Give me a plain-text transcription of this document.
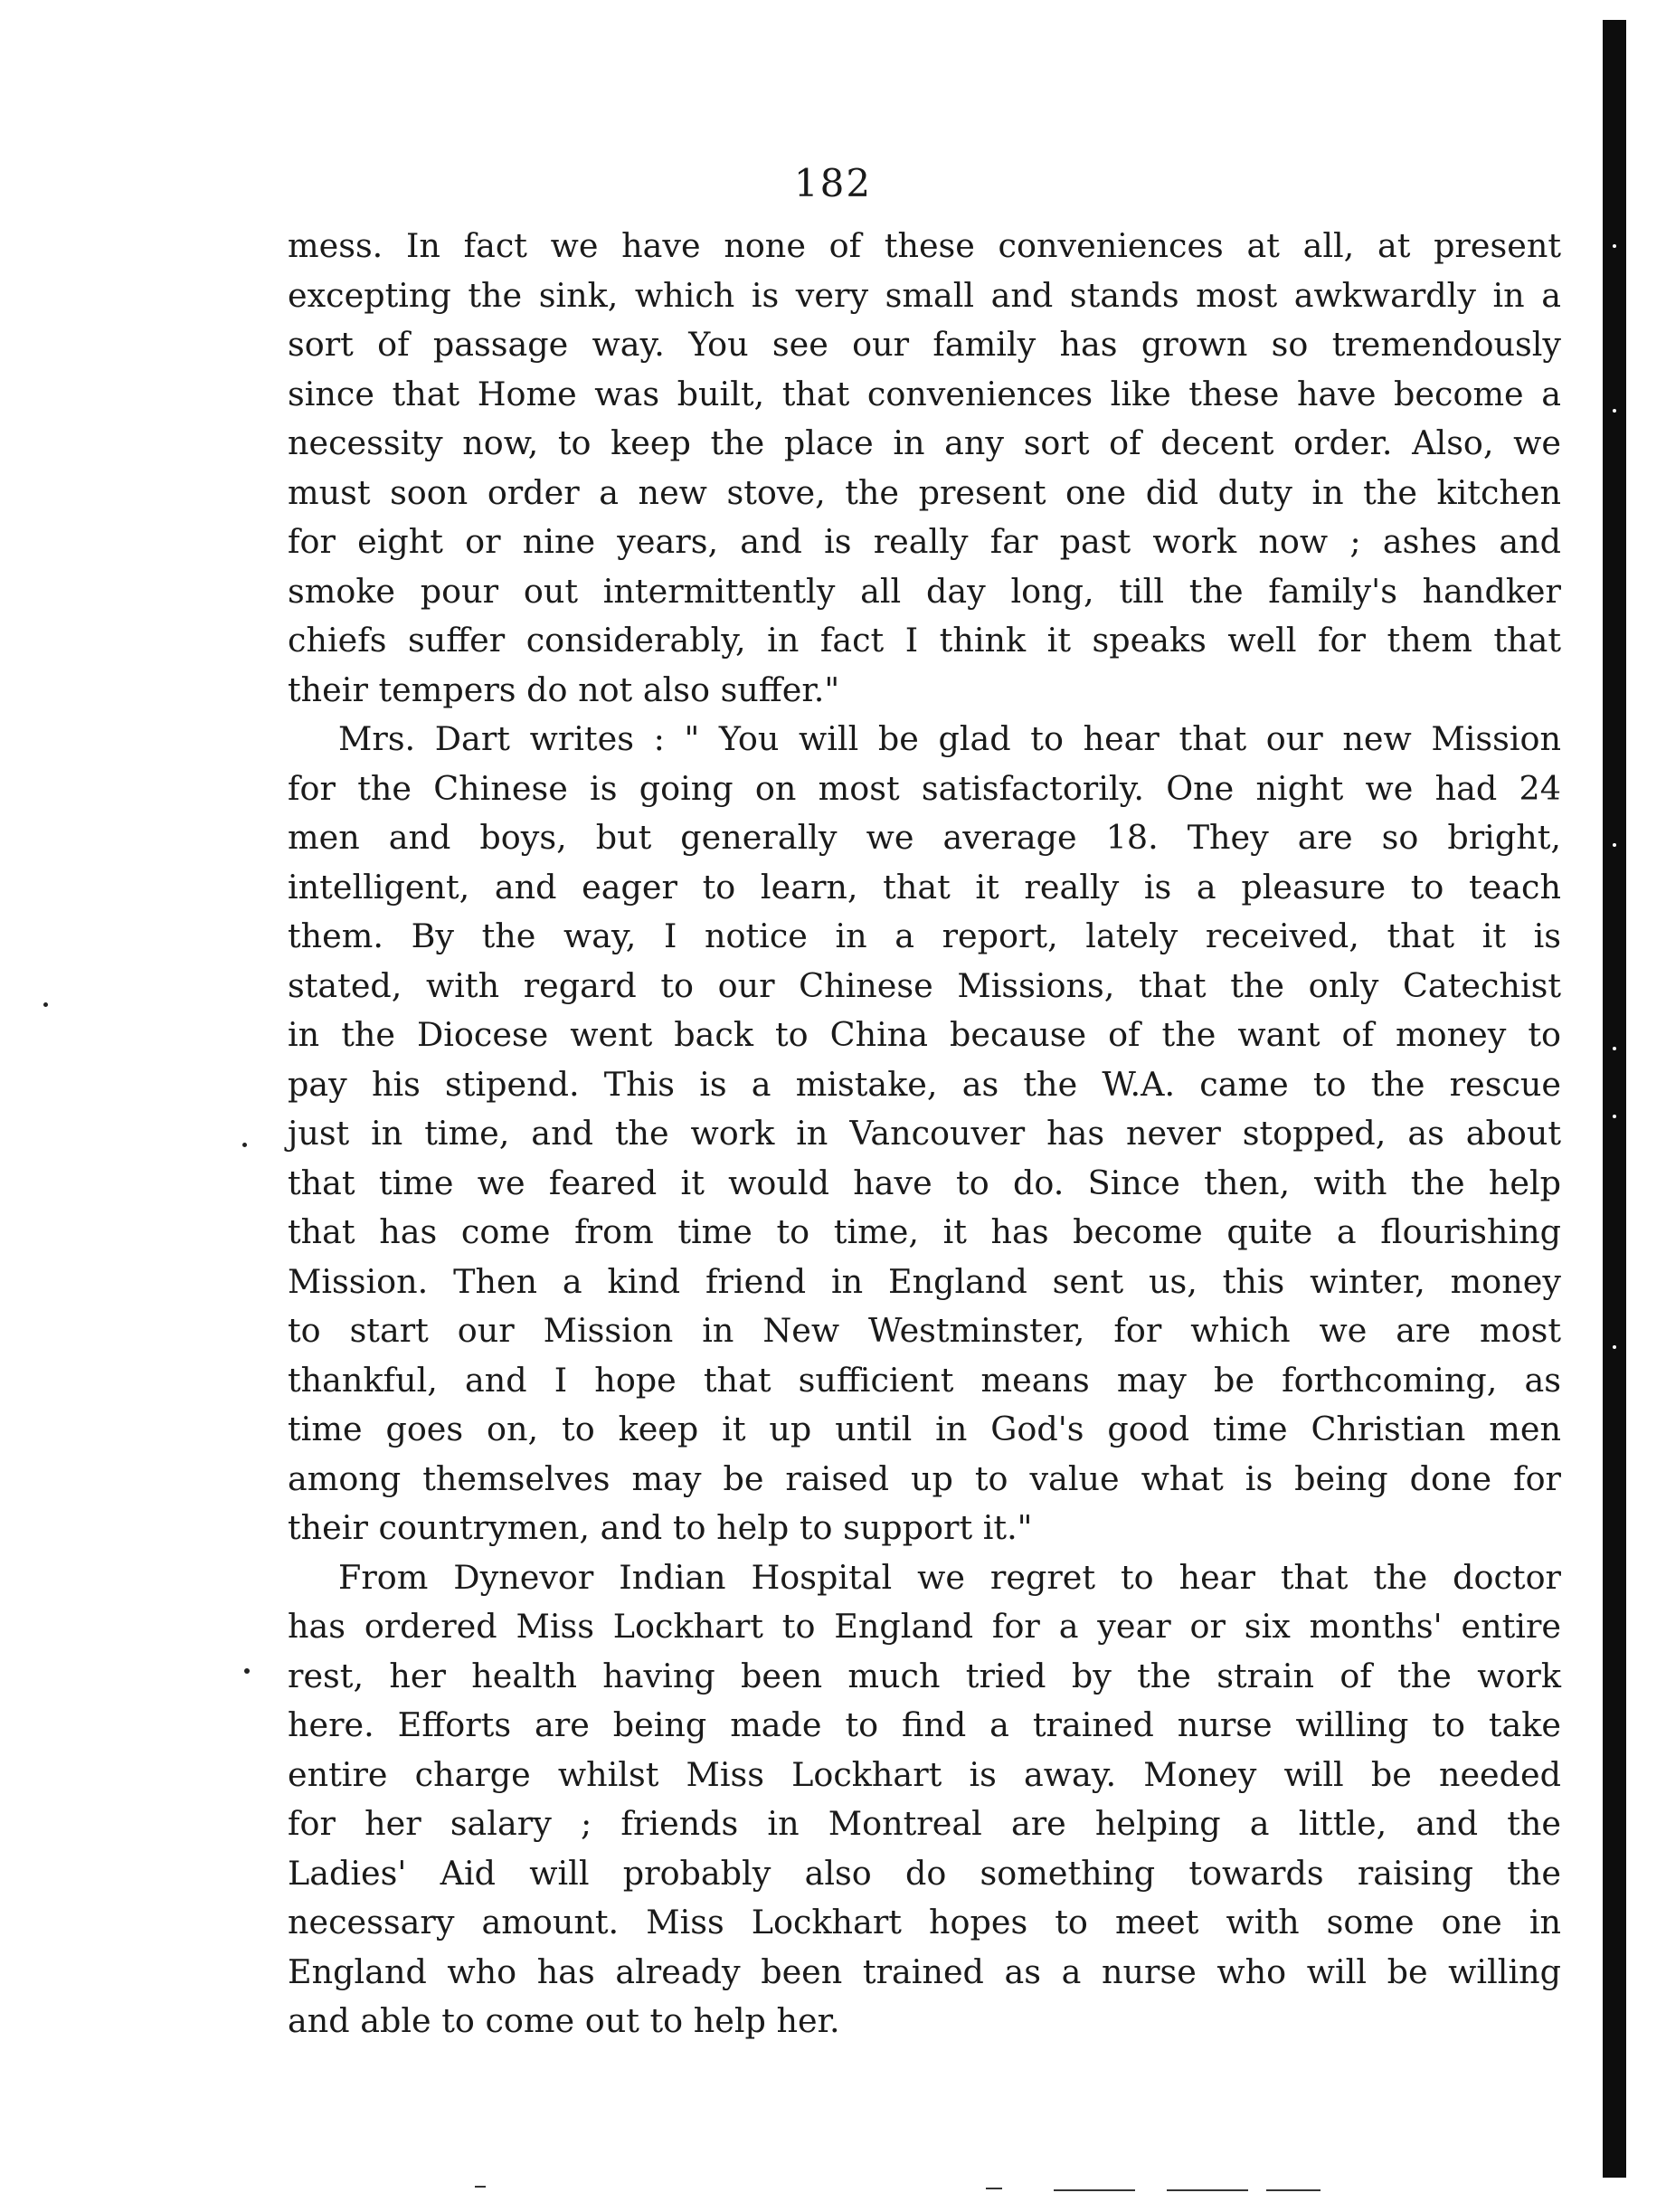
182
mess. In fact we have none of these conveniences at all, at present
excepting the sink, which is very small and stands most awkwardly in a
sort of passage way. You see our family has grown so tremendously
since that Home was built, that conveniences like these have become a
necessity now, to keep the place in any sort of decent order. Also, we
must soon order a new stove, the present one did duty in the kitchen
for eight or nine years, and is really far past work now ; ashes and
smoke pour out intermittently all day long, till the family's handker
chiefs suffer considerably, in fact I think it speaks well for them that
their tempers do not also suffer."
Mrs. Dart writes : " You will be glad to hear that our new Mission
for the Chinese is going on most satisfactorily. One night we had 24
men and boys, but generally we average 18. They are so bright,
intelligent, and eager to learn, that it really is a pleasure to teach
them. By the way, I notice in a report, lately received, that it is
stated, with regard to our Chinese Missions, that the only Catechist
in the Diocese went back to China because of the want of money to
pay his stipend. This is a mistake, as the W.A. came to the rescue
just in time, and the work in Vancouver has never stopped, as about
that time we feared it would have to do. Since then, with the help
that has come from time to time, it has become quite a flourishing
Mission. Then a kind friend in England sent us, this winter, money
to start our Mission in New Westminster, for which we are most
thankful, and I hope that sufficient means may be forthcoming, as
time goes on, to keep it up until in God's good time Christian men
among themselves may be raised up to value what is being done for
their countrymen, and to help to support it."
From Dynevor Indian Hospital we regret to hear that the doctor
has ordered Miss Lockhart to England for a year or six months' entire
rest, her health having been much tried by the strain of the work
here. Efforts are being made to find a trained nurse willing to take
entire charge whilst Miss Lockhart is away. Money will be needed
for her salary ; friends in Montreal are helping a little, and the
Ladies' Aid will probably also do something towards raising the
necessary amount. Miss Lockhart hopes to meet with some one in
England who has already been trained as a nurse who will be willing
and able to come out to help her.
